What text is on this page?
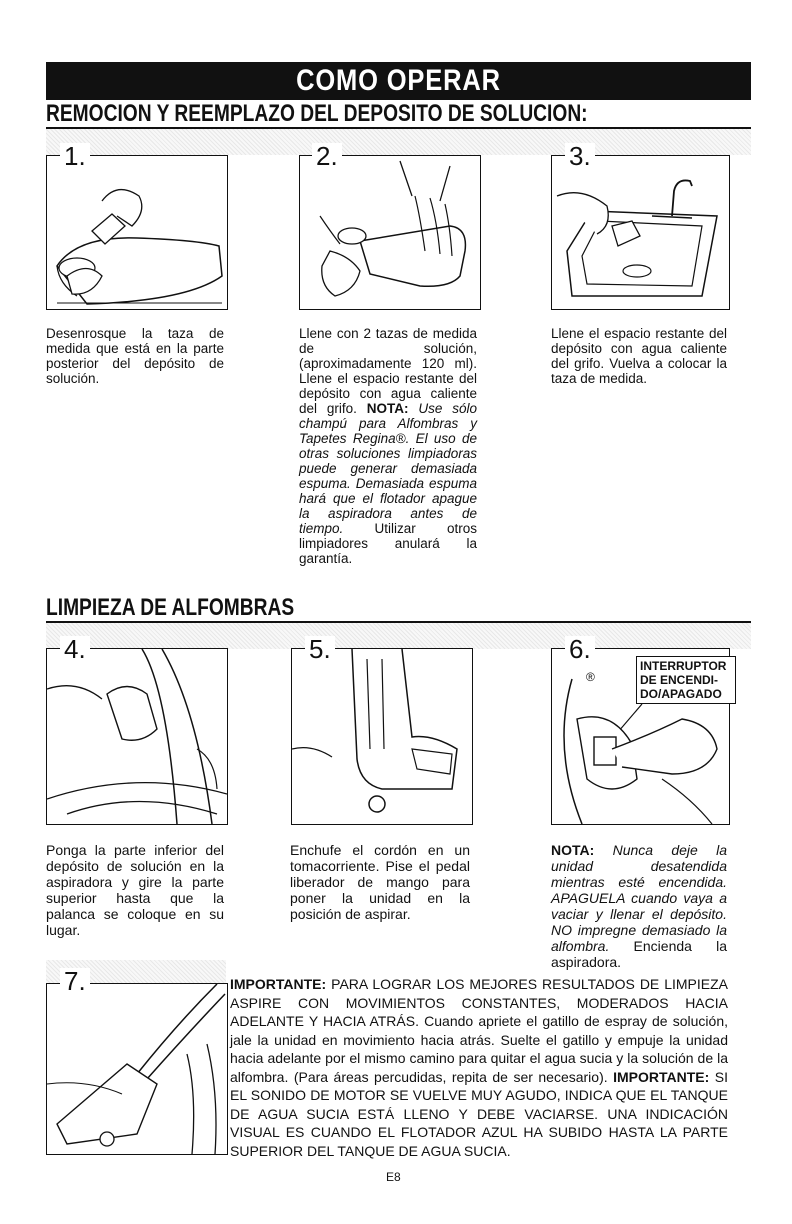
COMO OPERAR
REMOCION Y REEMPLAZO DEL DEPOSITO DE SOLUCION:
1.	2.	3.
Desenrosque la taza de medida que está en la parte posterior del depósito de solución.
Llene con 2 tazas de medida de solución, (aproximadamente 120 ml). Llene el espacio restante del depósito con agua caliente del grifo. NOTA: Use sólo champú para Alfombras y Tapetes Regina®. El uso de otras soluciones limpiadoras puede generar demasiada espuma. Demasiada espuma hará que el flotador apague la aspiradora antes de tiempo. Utilizar otros limpiadores anulará la garantía.
Llene el espacio restante del depósito con agua caliente del grifo. Vuelva a colocar la taza de medida.
LIMPIEZA DE ALFOMBRAS
4.	5.	6.
®
INTERRUPTOR DE ENCENDI- DO/APAGADO
Ponga la parte inferior del depósito de solución en la aspiradora y gire la parte superior hasta que la palanca se coloque en su lugar.
Enchufe el cordón en un tomacorriente. Pise el pedal liberador de mango para poner la unidad en la posición de aspirar.
NOTA: Nunca deje la unidad desatendida mientras esté encendida. APAGUELA cuando vaya a vaciar y llenar el depósito. NO impregne demasiado la alfombra. Encienda la aspiradora.
7.	IMPORTANTE: PARA LOGRAR LOS MEJORES RESULTADOS DE LIMPIEZA ASPIRE CON MOVIMIENTOS CONSTANTES, MODERADOS HACIA ADELANTE Y HACIA ATRÁS. Cuando apriete el gatillo de espray de solución, jale la unidad en movimiento hacia atrás. Suelte el gatillo y empuje la unidad hacia adelante por el mismo camino para quitar el agua sucia y la solución de la alfombra. (Para áreas percudidas, repita de ser necesario). IMPORTANTE: SI EL SONIDO DE MOTOR SE VUELVE MUY AGUDO, INDICA QUE EL TANQUE DE AGUA SUCIA ESTÁ LLENO Y DEBE VACIARSE. UNA INDICACIÓN VISUAL ES CUANDO EL FLOTADOR AZUL HA SUBIDO HASTA LA PARTE SUPERIOR DEL TANQUE DE AGUA SUCIA.
E8
